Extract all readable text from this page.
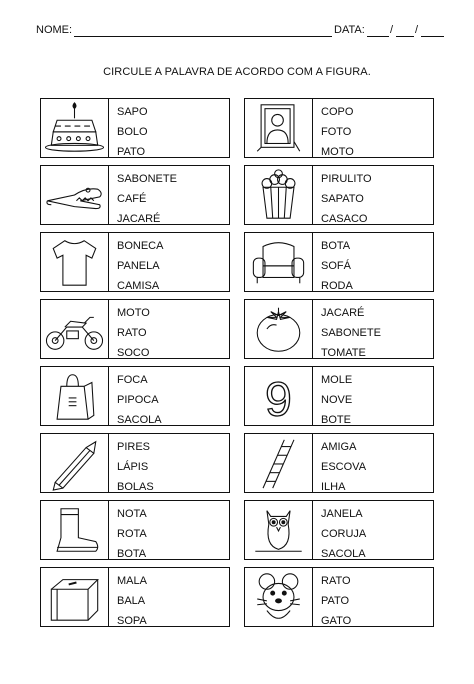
NOME:	DATA: / /
CIRCULE A PALAVRA DE ACORDO COM A FIGURA.
SAPO
BOLO
PATO
COPO
FOTO
MOTO
SABONETE
CAFÉ
JACARÉ
PIRULITO
SAPATO
CASACO
BONECA
PANELA
CAMISA
BOTA
SOFÁ
RODA
MOTO
RATO
SOCO
JACARÉ
SABONETE
TOMATE
FOCA
PIPOCA
SACOLA 9	MOLE
NOVE
BOTE
PIRES
LÁPIS
BOLAS
AMIGA
ESCOVA
ILHA
NOTA
ROTA
BOTA
JANELA
CORUJA
SACOLA
MALA
BALA
SOPA
RATO
PATO
GATO
